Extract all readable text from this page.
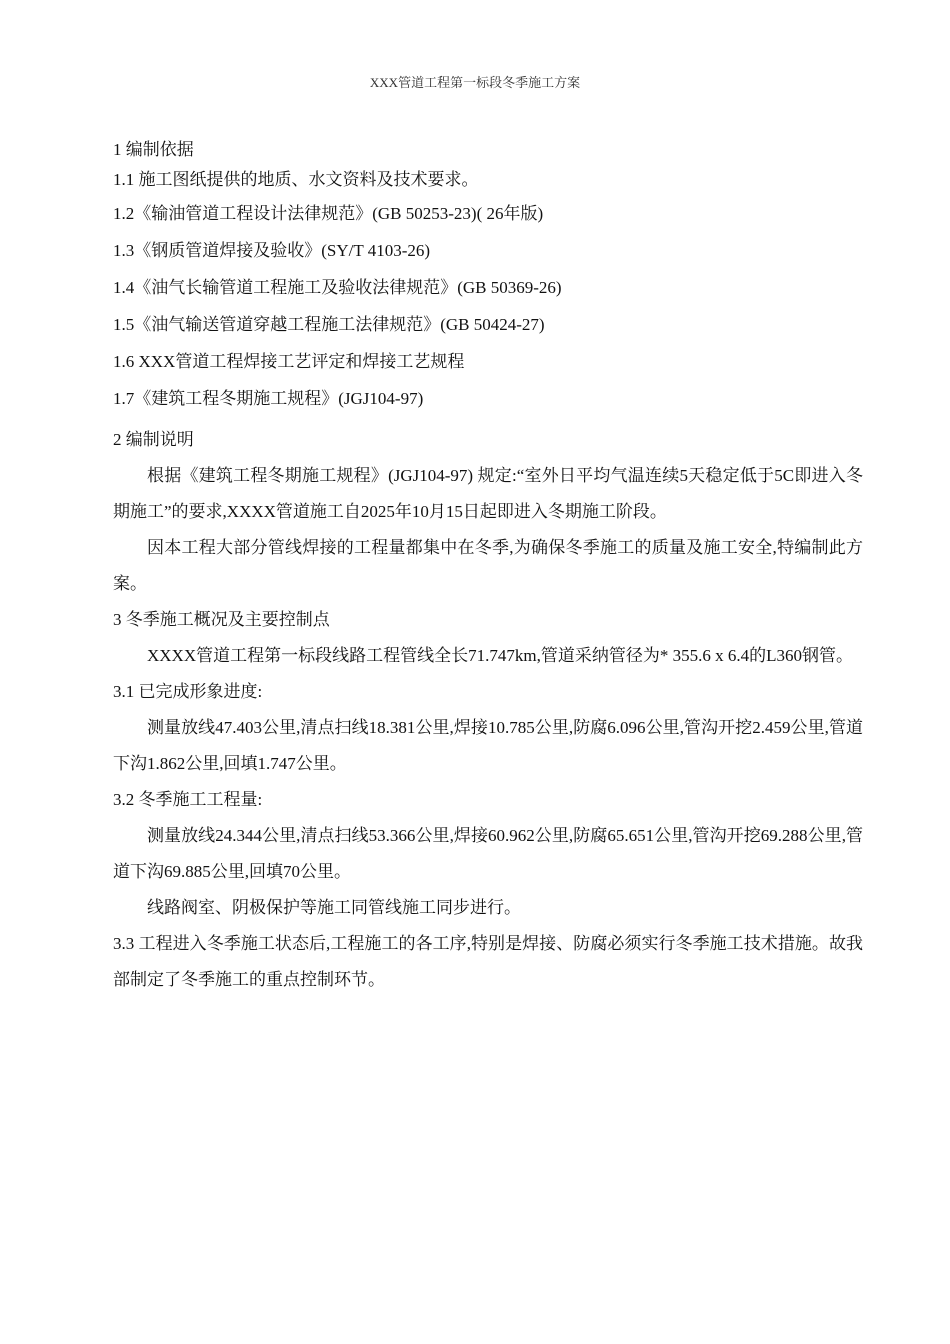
XXX管道工程第一标段冬季施工方案

1 编制依据

1.1 施工图纸提供的地质、水文资料及技术要求。

1.2《输油管道工程设计法律规范》(GB 50253-23)( 26年版)

1.3《钢质管道焊接及验收》(SY/T 4103-26)

1.4《油气长输管道工程施工及验收法律规范》(GB 50369-26)

1.5《油气输送管道穿越工程施工法律规范》(GB 50424-27)

1.6 XXX管道工程焊接工艺评定和焊接工艺规程

1.7《建筑工程冬期施工规程》(JGJ104-97)

2 编制说明

根据《建筑工程冬期施工规程》(JGJ104-97) 规定:“室外日平均气温连续5天稳定低于5C即进入冬期施工”的要求,XXXX管道施工自2025年10月15日起即进入冬期施工阶段。

因本工程大部分管线焊接的工程量都集中在冬季,为确保冬季施工的质量及施工安全,特编制此方案。

3 冬季施工概况及主要控制点

XXXX管道工程第一标段线路工程管线全长71.747km,管道采纳管径为* 355.6 x 6.4的L360钢管。

3.1 已完成形象进度:

测量放线47.403公里,清点扫线18.381公里,焊接10.785公里,防腐6.096公里,管沟开挖2.459公里,管道下沟1.862公里,回填1.747公里。

3.2 冬季施工工程量:

测量放线24.344公里,清点扫线53.366公里,焊接60.962公里,防腐65.651公里,管沟开挖69.288公里,管道下沟69.885公里,回填70公里。

线路阀室、阴极保护等施工同管线施工同步进行。

3.3 工程进入冬季施工状态后,工程施工的各工序,特别是焊接、防腐必须实行冬季施工技术措施。故我部制定了冬季施工的重点控制环节。
